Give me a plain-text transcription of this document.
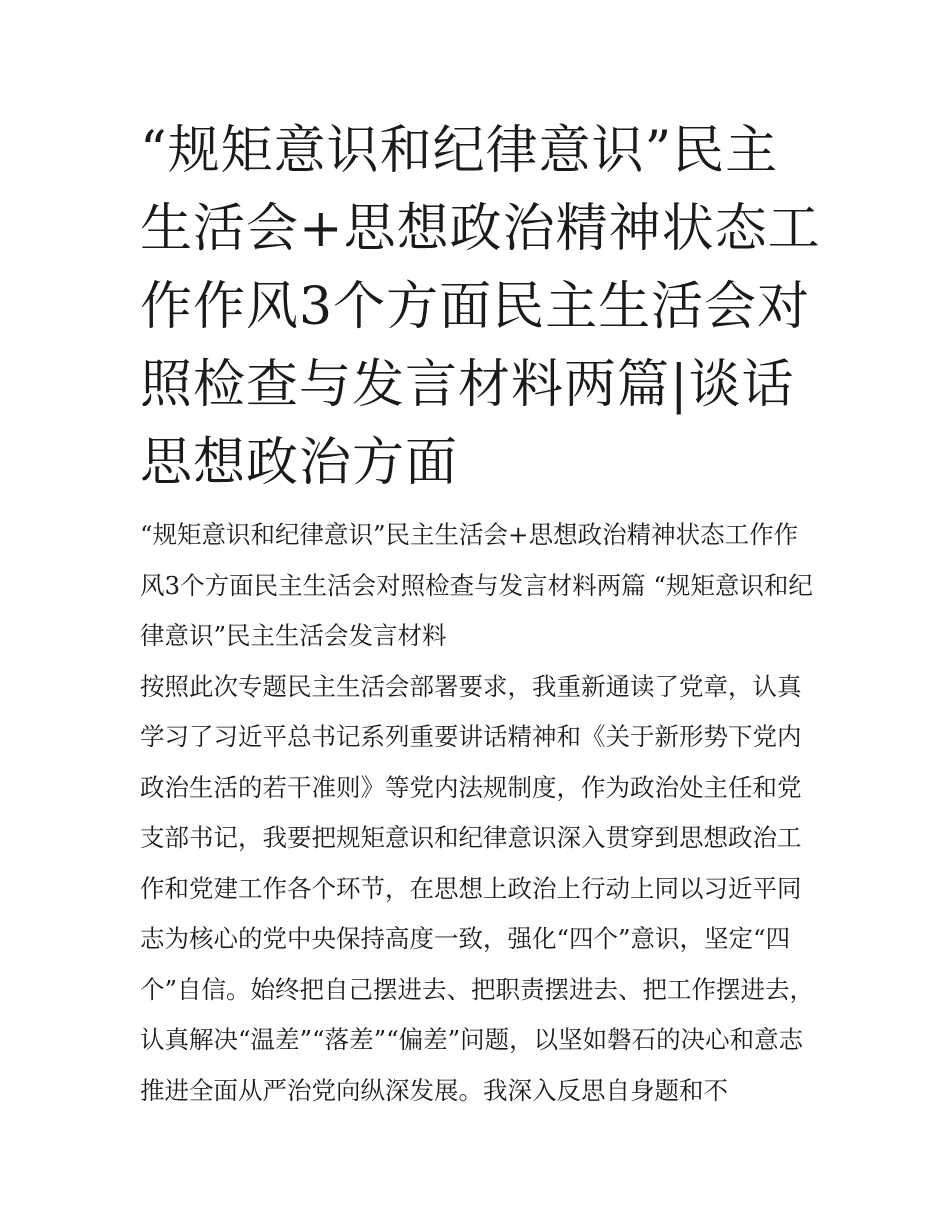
“规矩意识和纪律意识”民主生活会+思想政治精神状态工作作风3个方面民主生活会对照检查与发言材料两篇|谈话思想政治方面

“规矩意识和纪律意识”民主生活会+思想政治精神状态工作作风3个方面民主生活会对照检查与发言材料两篇 “规矩意识和纪律意识”民主生活会发言材料

按照此次专题民主生活会部署要求，我重新通读了党章，认真学习了习近平总书记系列重要讲话精神和《关于新形势下党内政治生活的若干准则》等党内法规制度，作为政治处主任和党支部书记，我要把规矩意识和纪律意识深入贯穿到思想政治工作和党建工作各个环节，在思想上政治上行动上同以习近平同志为核心的党中央保持高度一致，强化“四个”意识，坚定“四个”自信。始终把自己摆进去、把职责摆进去、把工作摆进去，认真解决“温差”“落差”“偏差”问题，以坚如磐石的决心和意志推进全面从严治党向纵深发展。我深入反思自身题和不
